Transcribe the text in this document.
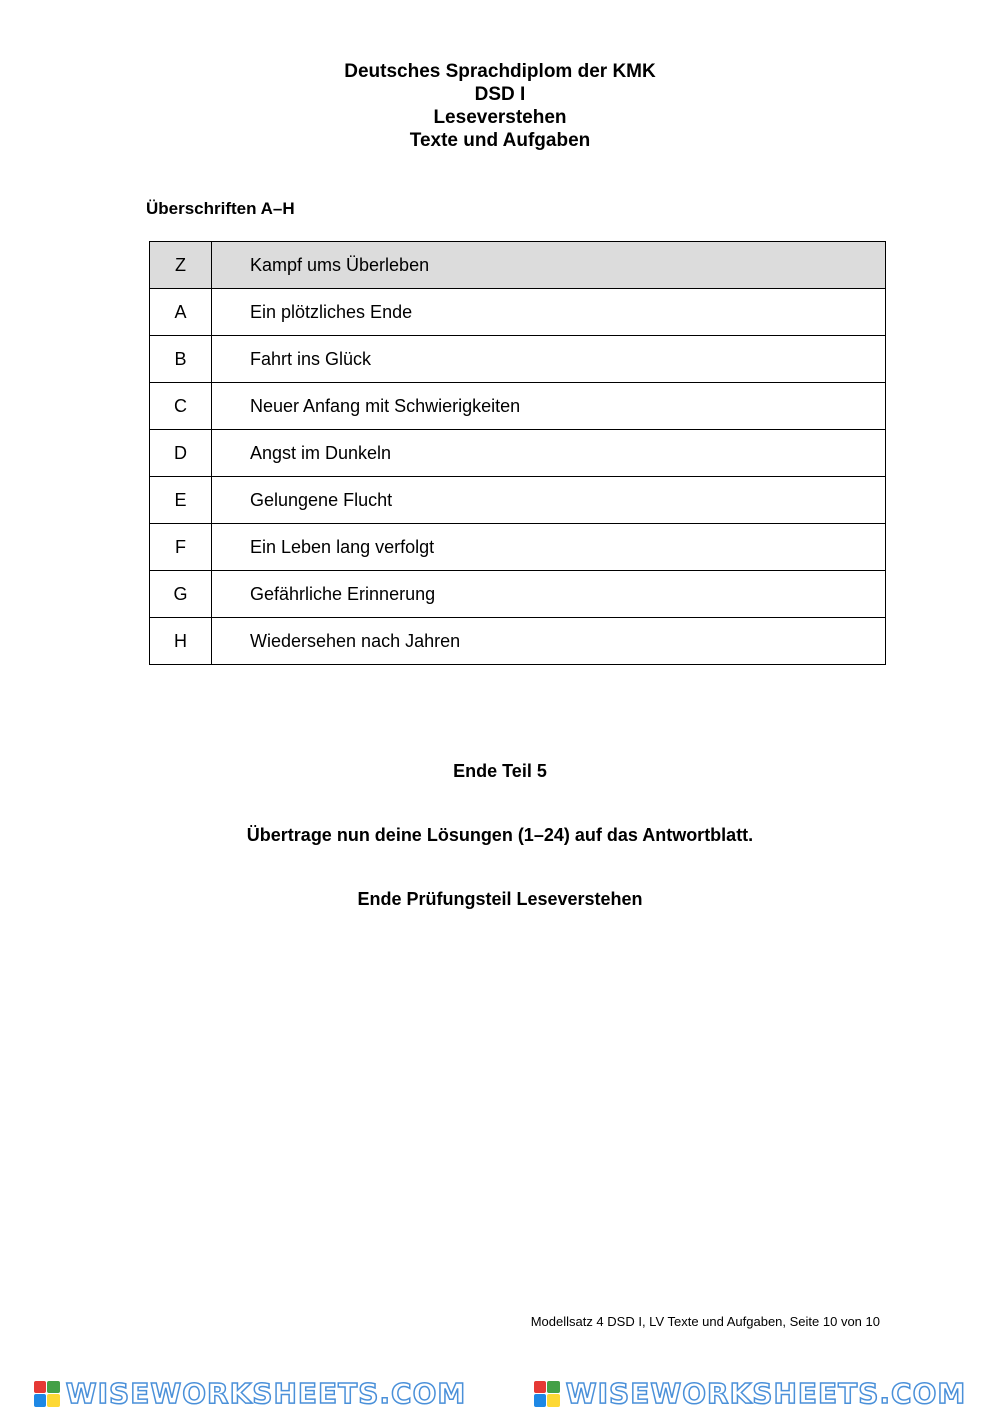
Deutsches Sprachdiplom der KMK
DSD I
Leseverstehen
Texte und Aufgaben
Überschriften A–H
Z	Kampf ums Überleben
A	Ein plötzliches Ende
B	Fahrt ins Glück
C	Neuer Anfang mit Schwierigkeiten
D	Angst im Dunkeln
E	Gelungene Flucht
F	Ein Leben lang verfolgt
G	Gefährliche Erinnerung
H	Wiedersehen nach Jahren
Ende Teil 5
Übertrage nun deine Lösungen (1–24) auf das Antwortblatt.
Ende Prüfungsteil Leseverstehen
Modellsatz 4 DSD I, LV Texte und Aufgaben, Seite 10 von 10
WISEWORKSHEETS.COM	WISEWORKSHEETS.COM
